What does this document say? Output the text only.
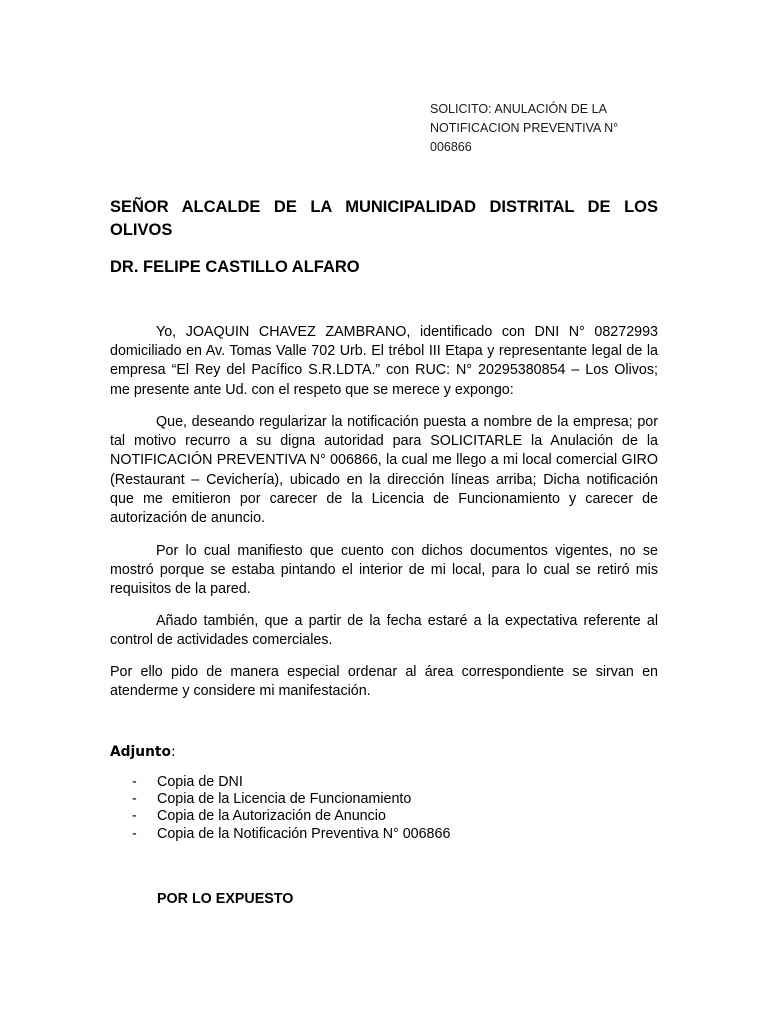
SOLICITO: ANULACIÓN DE LA
NOTIFICACION PREVENTIVA N°
006866
SEÑOR ALCALDE DE LA MUNICIPALIDAD DISTRITAL DE LOS OLIVOS
DR. FELIPE CASTILLO ALFARO

Yo, JOAQUIN CHAVEZ ZAMBRANO, identificado con DNI N° 08272993 domiciliado en Av. Tomas Valle 702 Urb. El trébol III Etapa y representante legal de la empresa “El Rey del Pacífico S.R.LDTA.” con RUC: N° 20295380854 – Los Olivos; me presente ante Ud. con el respeto que se merece y expongo:

Que, deseando regularizar la notificación puesta a nombre de la empresa; por tal motivo recurro a su digna autoridad para SOLICITARLE la Anulación de la NOTIFICACIÓN PREVENTIVA N° 006866, la cual me llego a mi local comercial GIRO (Restaurant – Cevichería), ubicado en la dirección líneas arriba; Dicha notificación que me emitieron por carecer de la Licencia de Funcionamiento y carecer de autorización de anuncio.

Por lo cual manifiesto que cuento con dichos documentos vigentes, no se mostró porque se estaba pintando el interior de mi local, para lo cual se retiró mis requisitos de la pared.

Añado también, que a partir de la fecha estaré a la expectativa referente al control de actividades comerciales.

Por ello pido de manera especial ordenar al área correspondiente se sirvan en atenderme y considere mi manifestación.

Adjunto:
- Copia de DNI
- Copia de la Licencia de Funcionamiento
- Copia de la Autorización de Anuncio
- Copia de la Notificación Preventiva N° 006866
POR LO EXPUESTO
